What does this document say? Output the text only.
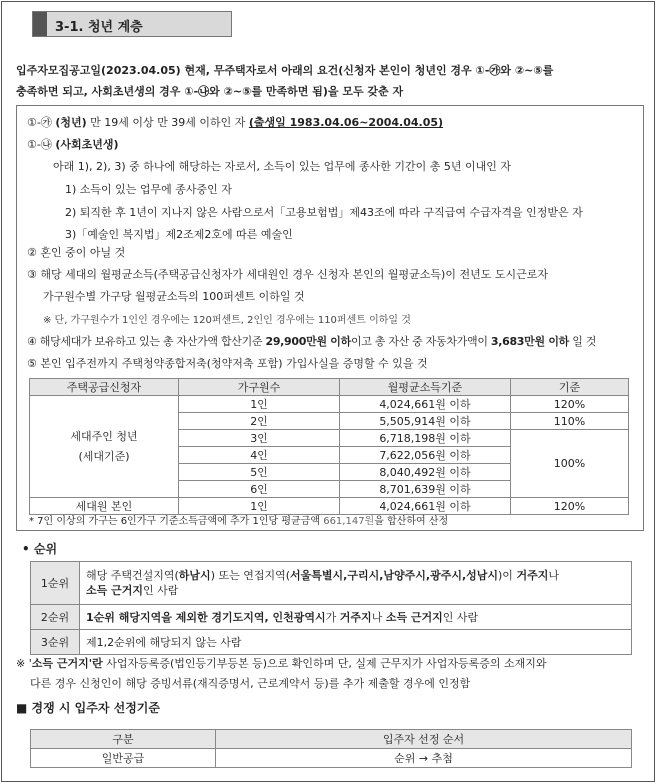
3-1. 청년 계층
입주자모집공고일(2023.04.05) 현재, 무주택자로서 아래의 요건(신청자 본인이 청년인 경우 ①-㉮와 ②~⑤를
충족하면 되고, 사회초년생의 경우 ①-㉯와 ②~⑤를 만족하면 됨)을 모두 갖춘 자
①-㉮ (청년) 만 19세 이상 만 39세 이하인 자 (출생일 1983.04.06~2004.04.05)
①-㉯ (사회초년생)
아래 1), 2), 3) 중 하나에 해당하는 자로서, 소득이 있는 업무에 종사한 기간이 총 5년 이내인 자
1) 소득이 있는 업무에 종사중인 자
2) 퇴직한 후 1년이 지나지 않은 사람으로서「고용보험법」제43조에 따라 구직급여 수급자격을 인정받은 자
3)「예술인 복지법」제2조제2호에 따른 예술인
② 혼인 중이 아닐 것
③ 해당 세대의 월평균소득(주택공급신청자가 세대원인 경우 신청자 본인의 월평균소득)이 전년도 도시근로자
가구원수별 가구당 월평균소득의 100퍼센트 이하일 것
※ 단, 가구원수가 1인인 경우에는 120퍼센트, 2인인 경우에는 110퍼센트 이하일 것
④ 해당세대가 보유하고 있는 총 자산가액 합산기준 29,900만원 이하이고 총 자산 중 자동차가액이 3,683만원 이하 일 것
⑤ 본인 입주전까지 주택청약종합저축(청약저축 포함) 가입사실을 증명할 수 있을 것
주택공급신청자	가구원수	월평균소득기준	기준

세대주인 청년
(세대기준)	1인	4,024,661원 이하	120%
	2인	5,505,914원 이하	110%
	3인	6,718,198원 이하	100%
	4인	7,622,056원 이하	
	5인	8,040,492원 이하	
	6인	8,701,639원 이하	
세대원 본인	1인	4,024,661원 이하	120%
* 7인 이상의 가구는 6인가구 기준소득금액에 추가 1인당 평균금액 661,147원을 합산하여 산정
• 순위
1순위	해당 주택건설지역(하남시) 또는 연접지역(서울특별시,구리시,남양주시,광주시,성남시)이 거주지나
소득 근거지인 사람
2순위	1순위 해당지역을 제외한 경기도지역, 인천광역시가 거주지나 소득 근거지인 사람
3순위	제1,2순위에 해당되지 않는 사람
※ '소득 근거지'란 사업자등록증(법인등기부등본 등)으로 확인하며 단, 실제 근무지가 사업자등록증의 소재지와
다른 경우 신청인이 해당 증빙서류(재직증명서, 근로계약서 등)를 추가 제출할 경우에 인정함
■ 경쟁 시 입주자 선정기준
구분	입주자 선정 순서
일반공급	순위 → 추첨
